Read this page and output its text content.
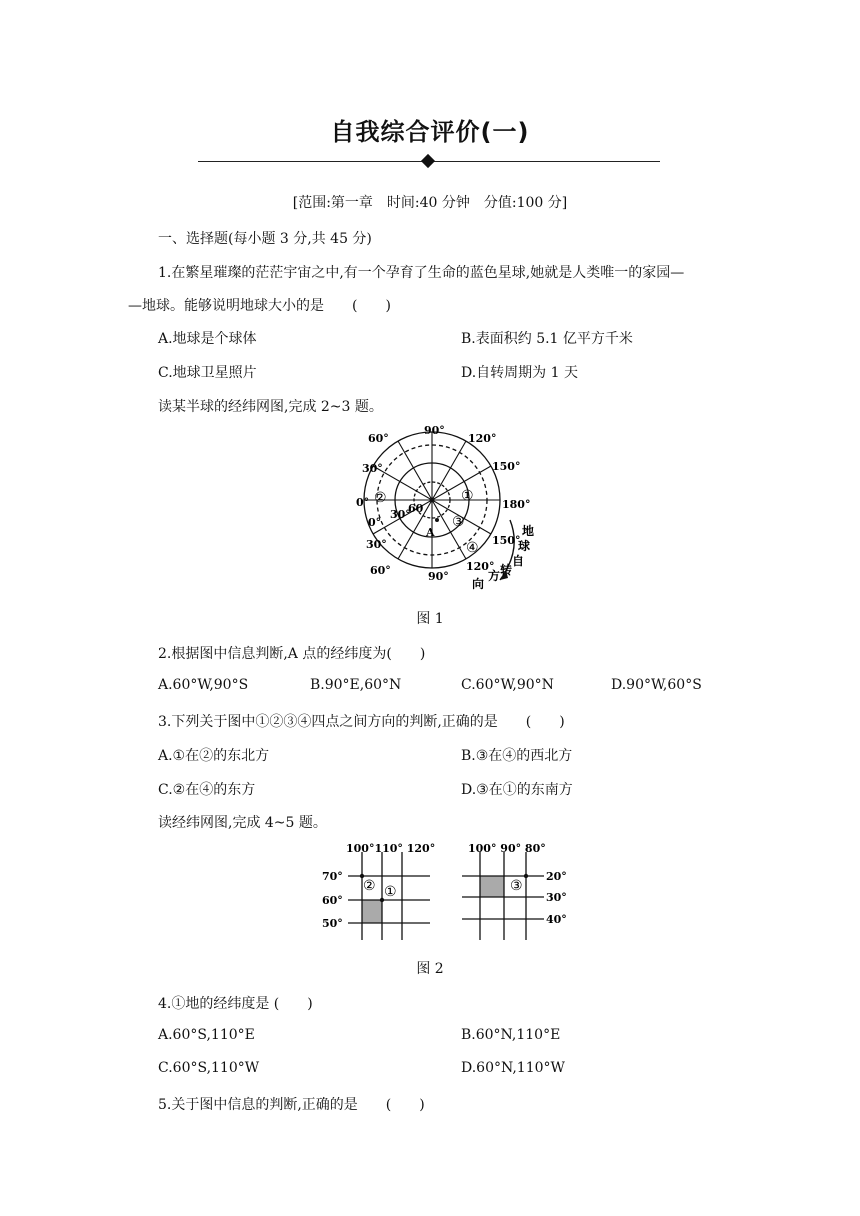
自我综合评价(一)
[范围:第一章　时间:40 分钟　分值:100 分]
一、选择题(每小题 3 分,共 45 分)
1.在繁星璀璨的茫茫宇宙之中,有一个孕育了生命的蓝色星球,她就是人类唯一的家园—
—地球。能够说明地球大小的是　　(　　)
A.地球是个球体	B.表面积约 5.1 亿平方千米
C.地球卫星照片	D.自转周期为 1 天
读某半球的经纬网图,完成 2~3 题。
90°
120°
60°
150°
30°
0°	180°
0°
30°
60
30°	150°
60°	90°
120°
A
①
②
③
④
地
球
自
转
方
向
图 1
2.根据图中信息判断,A 点的经纬度为(　　)
A.60°W,90°S	B.90°E,60°N	C.60°W,90°N	D.90°W,60°S
3.下列关于图中①②③④四点之间方向的判断,正确的是　　(　　)
A.①在②的东北方	B.③在④的西北方
C.②在④的东方	D.③在①的东南方
读经纬网图,完成 4~5 题。
100°110° 120°
70°
60°
50°
② ①
100° 90° 80°
20°
30°
40°
③
图 2
4.①地的经纬度是 (　　)
A.60°S,110°E	B.60°N,110°E
C.60°S,110°W	D.60°N,110°W
5.关于图中信息的判断,正确的是　　(　　)
